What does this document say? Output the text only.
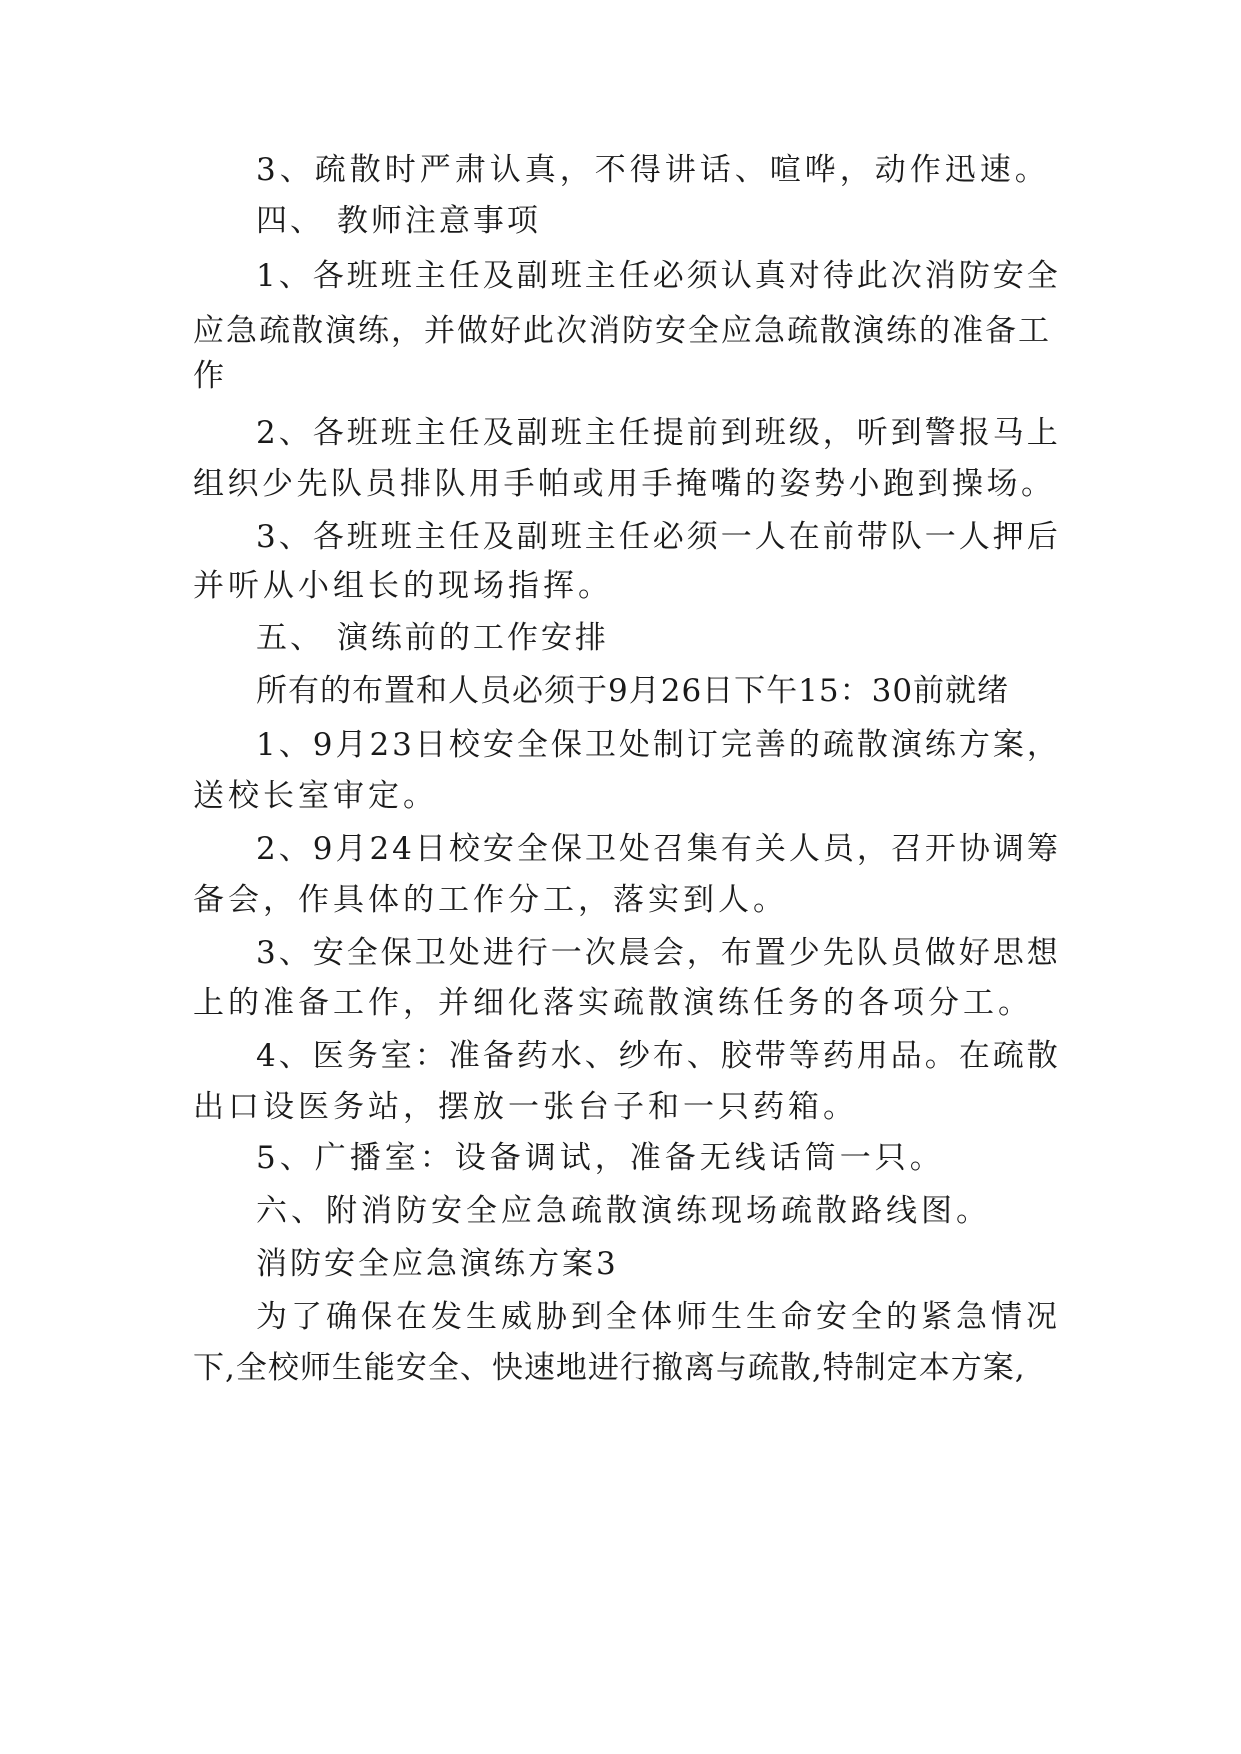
3、疏散时严肃认真，不得讲话、喧哗，动作迅速。
四、 教师注意事项
1、各班班主任及副班主任必须认真对待此次消防安全
应急疏散演练，并做好此次消防安全应急疏散演练的准备工
作
2、各班班主任及副班主任提前到班级，听到警报马上
组织少先队员排队用手帕或用手掩嘴的姿势小跑到操场。
3、各班班主任及副班主任必须一人在前带队一人押后
并听从小组长的现场指挥。
五、 演练前的工作安排
所有的布置和人员必须于9月26日下午15：30前就绪
1、9月23日校安全保卫处制订完善的疏散演练方案，
送校长室审定。
2、9月24日校安全保卫处召集有关人员，召开协调筹
备会，作具体的工作分工，落实到人。
3、安全保卫处进行一次晨会，布置少先队员做好思想
上的准备工作，并细化落实疏散演练任务的各项分工。
4、医务室：准备药水、纱布、胶带等药用品。在疏散
出口设医务站，摆放一张台子和一只药箱。
5、广播室：设备调试，准备无线话筒一只。
六、附消防安全应急疏散演练现场疏散路线图。
消防安全应急演练方案3
为了确保在发生威胁到全体师生生命安全的紧急情况
下,全校师生能安全、快速地进行撤离与疏散,特制定本方案,
